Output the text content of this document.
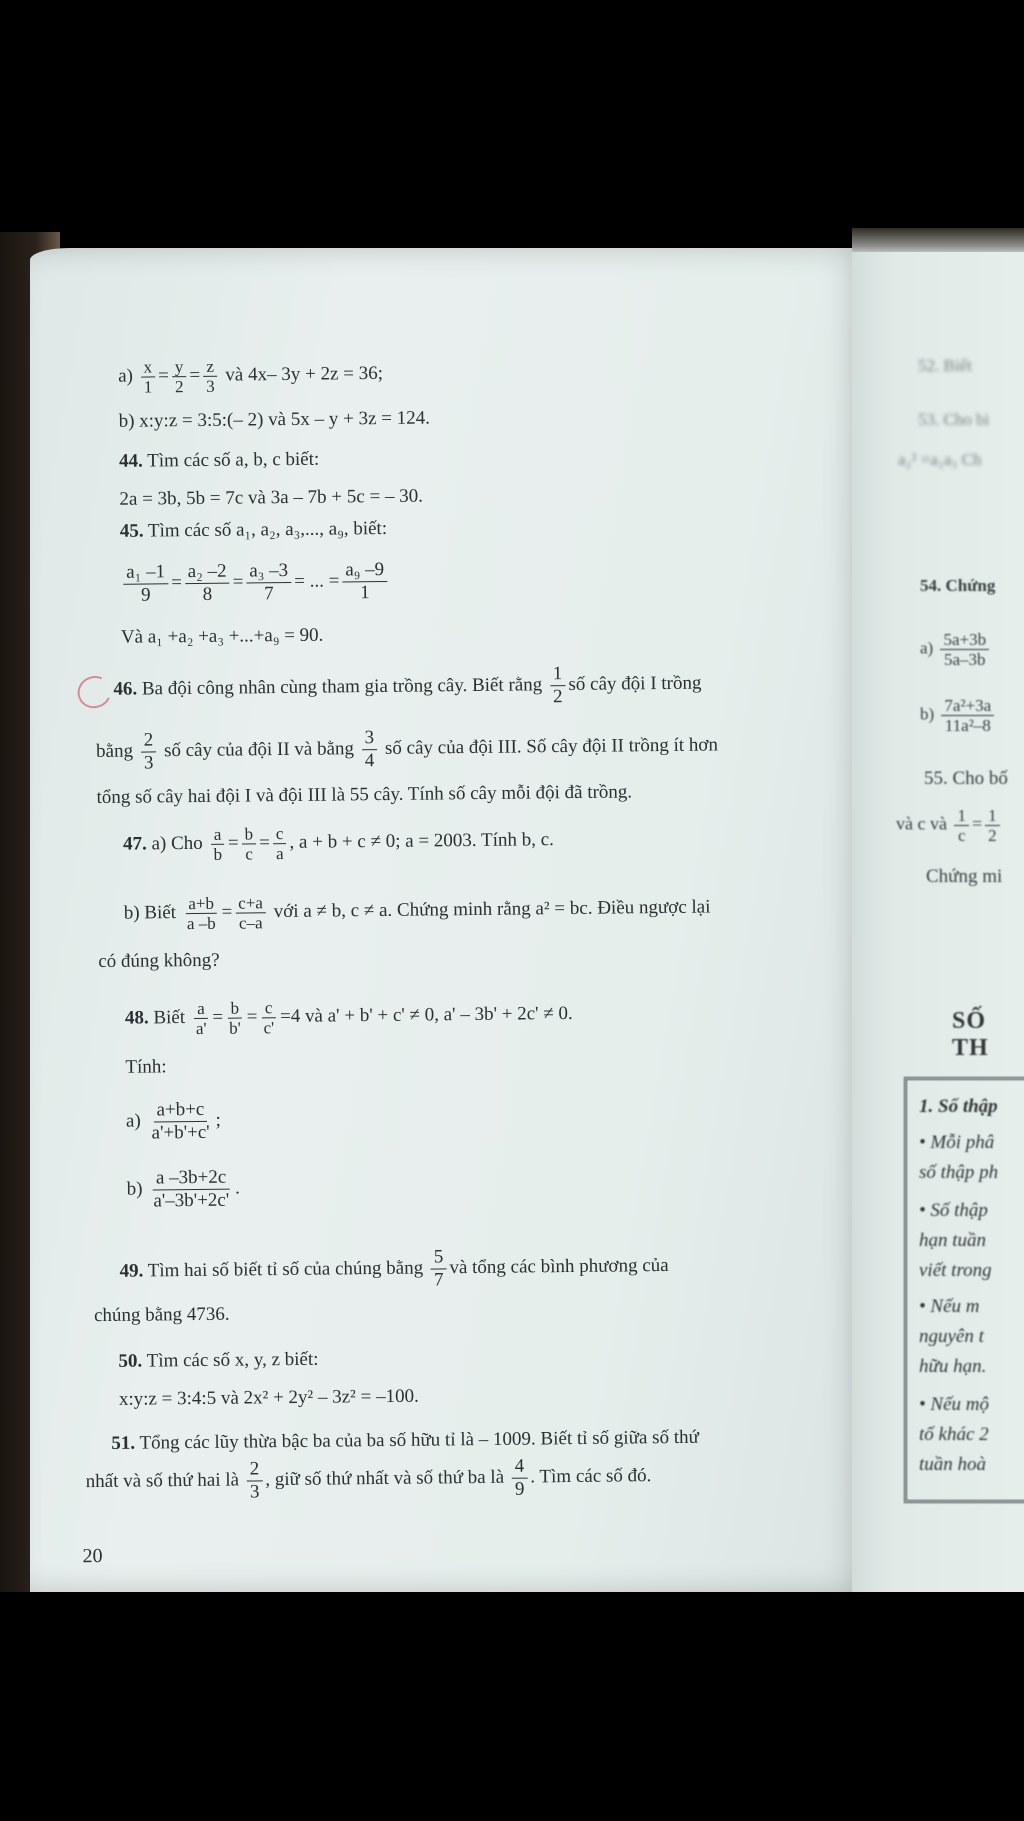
$a) \frac{x}{1} = \frac{y}{2} = \frac{z}{3}$ và 4x– 3y + 2z = 36;
b) x:y:z = 3:5:(– 2) và 5x – y + 3z = 124.
44. Tìm các số a, b, c biết:
2a = 3b, 5b = 7c và 3a – 7b + 5c = – 30.
45. Tìm các số a₁, a₂, a₃,..., a₉, biết:
$\frac{\text{a₁ –1}}{9} = \frac{\text{a₂ –2}}{8} = \frac{\text{a₃ –3}}{7}$ = ... = $\frac{\text{a₉ –9}}{1}$
Và a₁ +a₂ +a₃ +...+a₉ = 90.
46. Ba đội công nhân cùng tham gia trồng cây. Biết rằng $\frac{1}{2}$ số cây đội I trồng
bằng $\frac{2}{3}$ số cây của đội II và bằng $\frac{3}{4}$ số cây của đội III. Số cây đội II trồng ít hơn
tổng số cây hai đội I và đội III là 55 cây. Tính số cây mỗi đội đã trồng.
47. a) Cho $\frac{a}{b} = \frac{b}{c} = \frac{c}{a}$ , a + b + c ≠ 0; a = 2003. Tính b, c.
b) Biết $\frac{a+b}{a -b} = \frac{c+a}{c-a}$ với a ≠ b, c ≠ a. Chứng minh rằng a² = bc. Điều ngược lại
có đúng không?
48. Biết $\frac{a}{a'} = \frac{b}{b'} = \frac{c}{c'} =4$ và a' + b' + c' ≠ 0, a' – 3b' + 2c' ≠ 0.
Tính:
$a) \frac{a+b+c}{a'+b'+c'}$ ;
$b) \frac{a -3b+2c}{a'-3b'+2c'}$ .
49. Tìm hai số biết tỉ số của chúng bằng $\frac{5}{7}$ và tổng các bình phương của
chúng bằng 4736.
50. Tìm các số x, y, z biết:
x:y:z = 3:4:5 và 2x² + 2y² – 3z² = –100.
51. Tổng các lũy thừa bậc ba của ba số hữu tỉ là – 1009. Biết tỉ số giữa số thứ
nhất và số thứ hai là $\frac{2}{3}$ , giữ số thứ nhất và số thứ ba là $\frac{4}{9}$ . Tìm các số đó.
20
52. Biết
53. Cho bi
a₂² =a₁a₃ Ch
54. Chứng
$a) \frac{5a+3b}{5a-3b}$
$b) \frac{\text{7a²+3a}}{\text{11a²–8}}$
55. Cho bố
và c và $\frac{1}{c} = \frac{1}{2}$
Chứng mi
SỐ TH
1. Số thập
• Mỗi phâ
số thập ph
• Số thập
hạn tuần
viết trong
• Nếu m
nguyên t
hữu hạn.
• Nếu mộ
tố khác 2
tuần hoà
